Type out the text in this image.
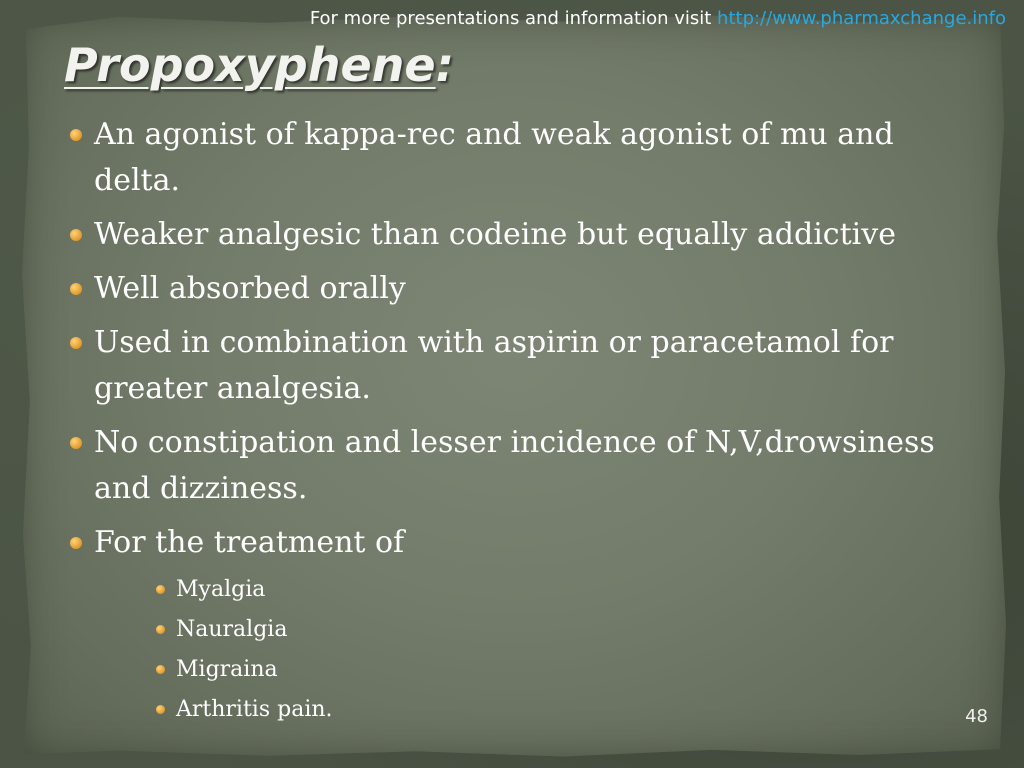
For more presentations and information visit http://www.pharmaxchange.info
Propoxyphene:
An agonist of kappa-rec and weak agonist of mu and delta.
Weaker analgesic than codeine but equally addictive
Well absorbed orally
Used in combination with aspirin or paracetamol for greater analgesia.
No constipation and lesser incidence of N,V,drowsiness and dizziness.
For the treatment of
Myalgia
Nauralgia
Migraina
Arthritis pain.	48
